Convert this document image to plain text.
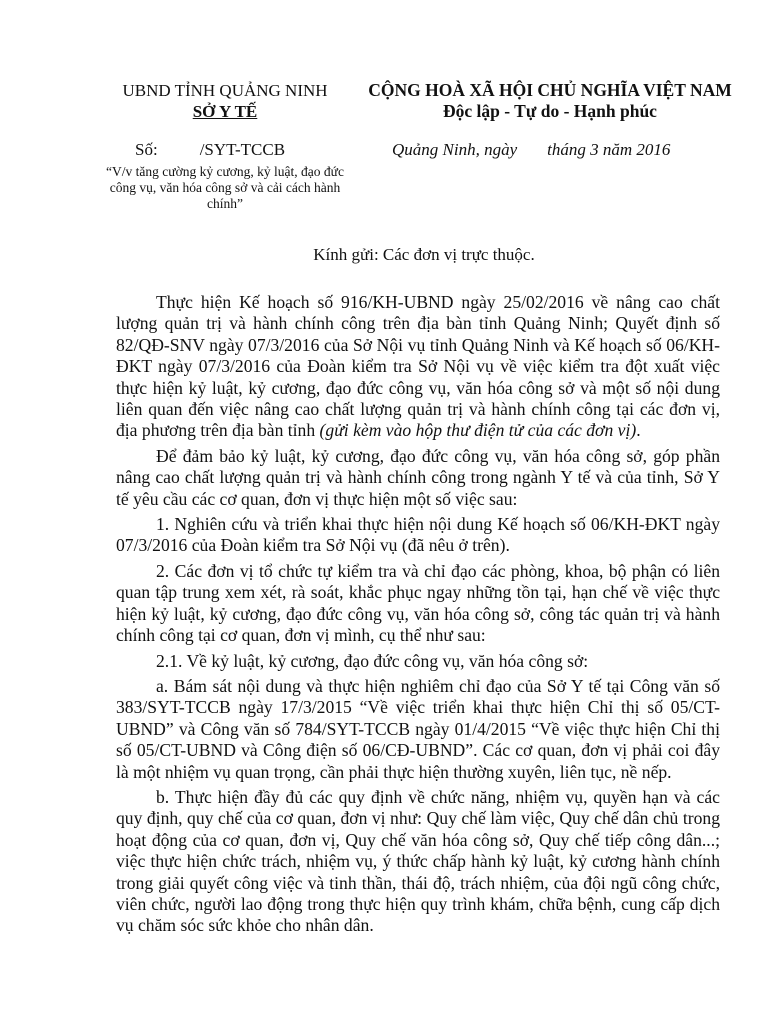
UBND TỈNH QUẢNG NINH
SỞ Y TẾ
CỘNG HOÀ XÃ HỘI CHỦ NGHĨA VIỆT NAM
Độc lập - Tự do - Hạnh phúc
Số: /SYT-TCCB	Quảng Ninh, ngày tháng 3 năm 2016
“V/v tăng cường kỷ cương, kỷ luật, đạo đức công vụ, văn hóa công sở và cải cách hành chính”
Kính gửi: Các đơn vị trực thuộc.

Thực hiện Kế hoạch số 916/KH-UBND ngày 25/02/2016 về nâng cao chất lượng quản trị và hành chính công trên địa bàn tỉnh Quảng Ninh; Quyết định số 82/QĐ-SNV ngày 07/3/2016 của Sở Nội vụ tỉnh Quảng Ninh và Kế hoạch số 06/KH-ĐKT ngày 07/3/2016 của Đoàn kiểm tra Sở Nội vụ về việc kiểm tra đột xuất việc thực hiện kỷ luật, kỷ cương, đạo đức công vụ, văn hóa công sở và một số nội dung liên quan đến việc nâng cao chất lượng quản trị và hành chính công tại các đơn vị, địa phương trên địa bàn tỉnh (gửi kèm vào hộp thư điện tử của các đơn vị).

Để đảm bảo kỷ luật, kỷ cương, đạo đức công vụ, văn hóa công sở, góp phần nâng cao chất lượng quản trị và hành chính công trong ngành Y tế và của tỉnh, Sở Y tế yêu cầu các cơ quan, đơn vị thực hiện một số việc sau:

1. Nghiên cứu và triển khai thực hiện nội dung Kế hoạch số 06/KH-ĐKT ngày 07/3/2016 của Đoàn kiểm tra Sở Nội vụ (đã nêu ở trên).

2. Các đơn vị tổ chức tự kiểm tra và chỉ đạo các phòng, khoa, bộ phận có liên quan tập trung xem xét, rà soát, khắc phục ngay những tồn tại, hạn chế về việc thực hiện kỷ luật, kỷ cương, đạo đức công vụ, văn hóa công sở, công tác quản trị và hành chính công tại cơ quan, đơn vị mình, cụ thể như sau:

2.1. Về kỷ luật, kỷ cương, đạo đức công vụ, văn hóa công sở:

a. Bám sát nội dung và thực hiện nghiêm chỉ đạo của Sở Y tế tại Công văn số 383/SYT-TCCB ngày 17/3/2015 “Về việc triển khai thực hiện Chỉ thị số 05/CT-UBND” và Công văn số 784/SYT-TCCB ngày 01/4/2015 “Về việc thực hiện Chỉ thị số 05/CT-UBND và Công điện số 06/CĐ-UBND”. Các cơ quan, đơn vị phải coi đây là một nhiệm vụ quan trọng, cần phải thực hiện thường xuyên, liên tục, nề nếp.

b. Thực hiện đầy đủ các quy định về chức năng, nhiệm vụ, quyền hạn và các quy định, quy chế của cơ quan, đơn vị như: Quy chế làm việc, Quy chế dân chủ trong hoạt động của cơ quan, đơn vị, Quy chế văn hóa công sở, Quy chế tiếp công dân...; việc thực hiện chức trách, nhiệm vụ, ý thức chấp hành kỷ luật, kỷ cương hành chính trong giải quyết công việc và tinh thần, thái độ, trách nhiệm, của đội ngũ công chức, viên chức, người lao động trong thực hiện quy trình khám, chữa bệnh, cung cấp dịch vụ chăm sóc sức khỏe cho nhân dân.
